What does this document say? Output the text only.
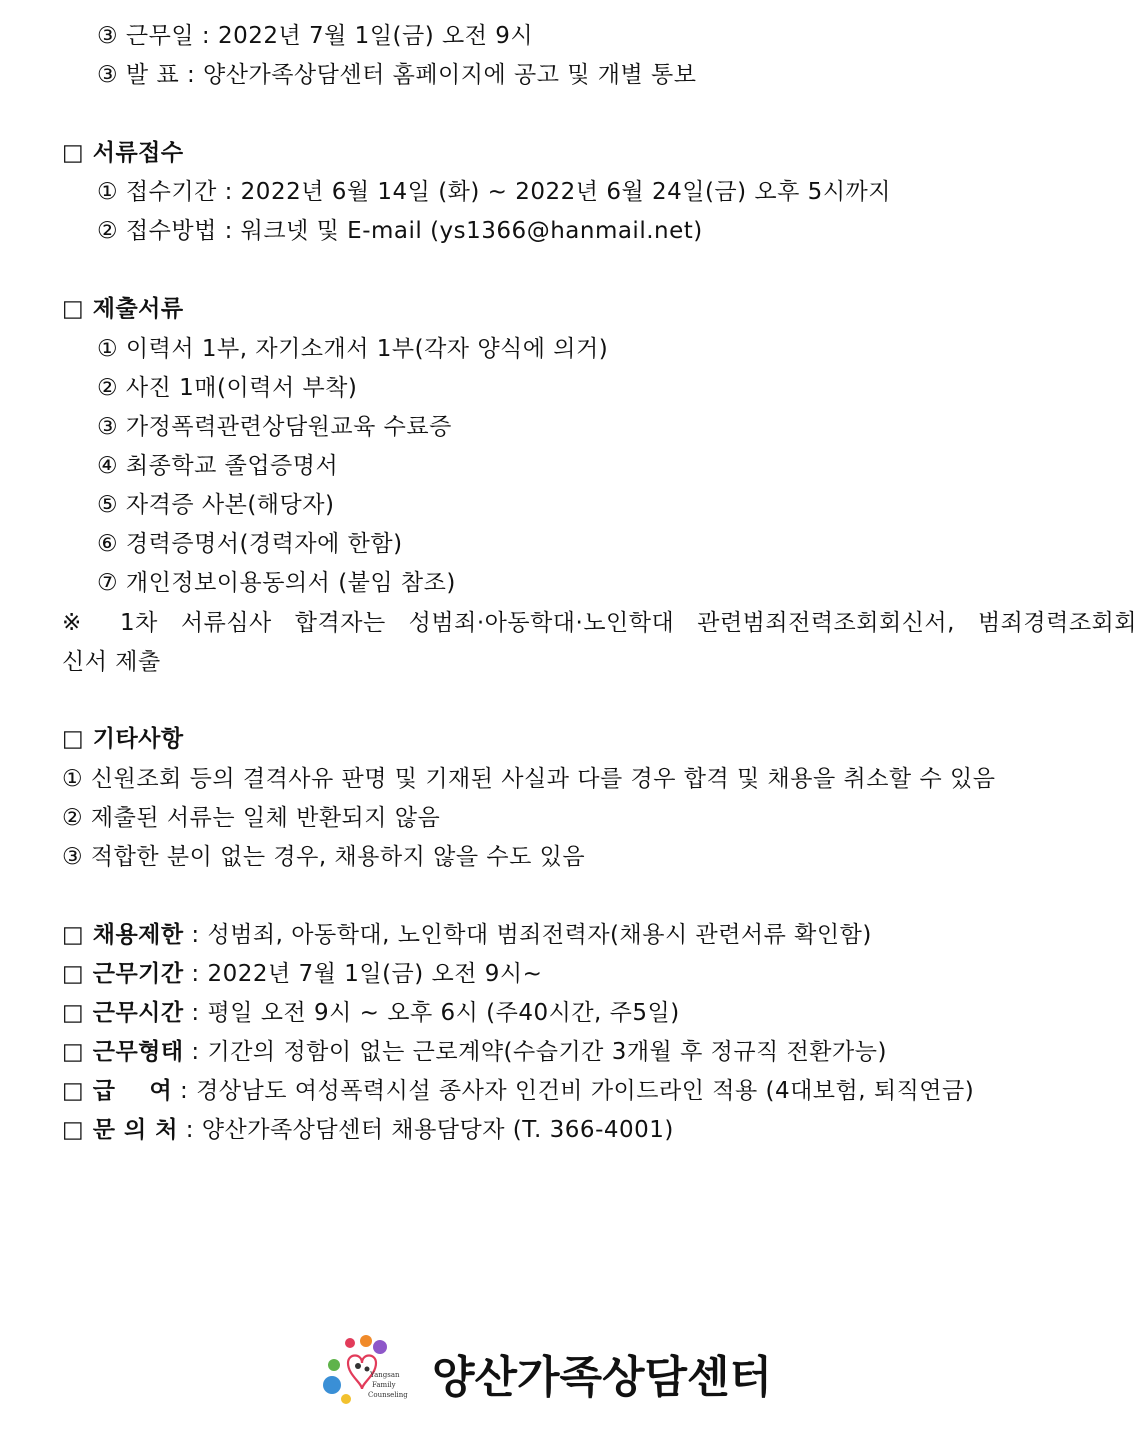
③ 근무일 : 2022년 7월 1일(금) 오전 9시
③ 발 표 : 양산가족상담센터 홈페이지에 공고 및 개별 통보
□ 서류접수
① 접수기간 : 2022년 6월 14일 (화) ~ 2022년 6월 24일(금) 오후 5시까지
② 접수방법 : 워크넷 및 E-mail (ys1366@hanmail.net)
□ 제출서류
① 이력서 1부, 자기소개서 1부(각자 양식에 의거)
② 사진 1매(이력서 부착)
③ 가정폭력관련상담원교육 수료증
④ 최종학교 졸업증명서
⑤ 자격증 사본(해당자)
⑥ 경력증명서(경력자에 한함)
⑦ 개인정보이용동의서 (붙임 참조)
※ 1차 서류심사 합격자는 성범죄·아동학대·노인학대 관련범죄전력조회회신서, 범죄경력조회회
신서 제출
□ 기타사항
① 신원조회 등의 결격사유 판명 및 기재된 사실과 다를 경우 합격 및 채용을 취소할 수 있음
② 제출된 서류는 일체 반환되지 않음
③ 적합한 분이 없는 경우, 채용하지 않을 수도 있음
□ 채용제한 : 성범죄, 아동학대, 노인학대 범죄전력자(채용시 관련서류 확인함)
□ 근무기간 : 2022년 7월 1일(금) 오전 9시~
□ 근무시간 : 평일 오전 9시 ~ 오후 6시 (주40시간, 주5일)
□ 근무형태 : 기간의 정함이 없는 근로계약(수습기간 3개월 후 정규직 전환가능)
□ 급    여 : 경상남도 여성폭력시설 종사자 인건비 가이드라인 적용 (4대보험, 퇴직연금)
□ 문 의 처 : 양산가족상담센터 채용담당자 (T. 366-4001)
Yangsan
Family
Counseling 양산가족상담센터
